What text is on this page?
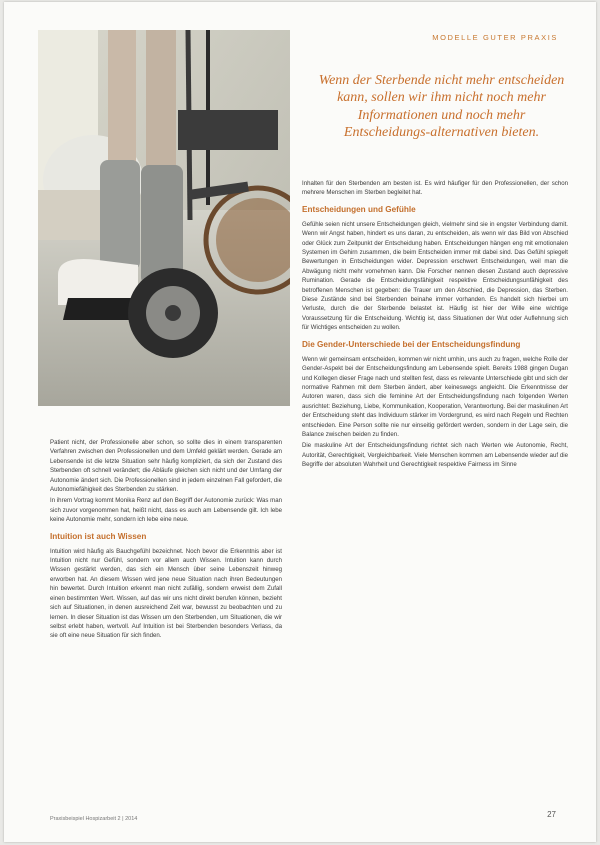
MODELLE GUTER PRAXIS
Wenn der Sterbende nicht mehr entscheiden kann, sollen wir ihm nicht noch mehr Informationen und noch mehr Entscheidungs-alternativen bieten.

Patient nicht, der Professionelle aber schon, so sollte dies in einem transparenten Verfahren zwischen den Professionellen und dem Umfeld geklärt werden. Gerade am Lebensende ist die letzte Situation sehr häufig kompliziert, da sich der Zustand des Sterbenden oft schnell verändert; die Abläufe gleichen sich nicht und der Umfang der Autonomie ändert sich. Die Professionellen sind in jedem einzelnen Fall gefordert, die Autonomiefähigkeit des Sterbenden zu stärken.

In ihrem Vortrag kommt Monika Renz auf den Begriff der Autonomie zurück: Was man sich zuvor vorgenommen hat, heißt nicht, dass es auch am Lebensende gilt. Ich lebe keine Autonomie mehr, sondern ich lebe eine neue.

Intuition ist auch Wissen

Intuition wird häufig als Bauchgefühl bezeichnet. Noch bevor die Erkenntnis aber ist Intuition nicht nur Gefühl, sondern vor allem auch Wissen. Intuition kann durch Wissen gestärkt werden, das sich ein Mensch über seine Lebenszeit hinweg erworben hat. An diesem Wissen wird jene neue Situation nach ihren Bedeutungen hin bewertet. Durch Intuition erkennt man nicht zufällig, sondern erweist dem Zufall einen bestimmten Wert. Wissen, auf das wir uns nicht direkt berufen können, bezieht sich auf Situationen, in denen ausreichend Zeit war, bewusst zu beobachten und zu lernen. In dieser Situation ist das Wissen um den Sterbenden, um Situationen, die wir selbst erlebt haben, wertvoll. Auf Intuition ist bei Sterbenden besonders Verlass, da sie oft eine neue Situation für sich finden.

Inhalten für den Sterbenden am besten ist. Es wird häufiger für den Professionellen, der schon mehrere Menschen im Sterben begleitet hat.

Entscheidungen und Gefühle

Gefühle seien nicht unsere Entscheidungen gleich, vielmehr sind sie in engster Verbindung damit. Wenn wir Angst haben, hindert es uns daran, zu entscheiden, als wenn wir das Bild von Abschied oder Glück zum Zeitpunkt der Entscheidung haben. Entscheidungen hängen eng mit emotionalen Systemen im Gehirn zusammen, die beim Entscheiden immer mit dabei sind. Das Gefühl spiegelt Bewertungen in Entscheidungen wider. Depression erschwert Entscheidungen, weil man die Abwägung nicht mehr vornehmen kann. Die Forscher nennen diesen Zustand auch depressive Rumination. Gerade die Entscheidungsfähigkeit respektive Entscheidungsunfähigkeit des betroffenen Menschen ist gegeben: die Trauer um den Abschied, die Depression, das Sterben. Diese Zustände sind bei Sterbenden beinahe immer vorhanden. Es handelt sich hierbei um Verluste, durch die der Sterbende belastet ist. Häufig ist hier der Wille eine wichtige Voraussetzung für die Entscheidung. Wichtig ist, dass Situationen der Wut oder Auflehnung sich für Wichtiges entscheiden zu wollen.

Die Gender-Unterschiede bei der Entscheidungsfindung

Wenn wir gemeinsam entscheiden, kommen wir nicht umhin, uns auch zu fragen, welche Rolle der Gender-Aspekt bei der Entscheidungsfindung am Lebensende spielt. Bereits 1988 gingen Dugan und Kollegen dieser Frage nach und stellten fest, dass es relevante Unterschiede gibt und sich der normative Rahmen mit dem Sterben ändert, aber keineswegs angleicht. Die Erkenntnisse der Autoren waren, dass sich die feminine Art der Entscheidungsfindung nach folgenden Werten ausrichtet: Beziehung, Liebe, Kommunikation, Kooperation, Verantwortung. Bei der maskulinen Art der Entscheidung steht das Individuum stärker im Vordergrund, es wird nach Regeln und Rechten entschieden. Eine Person sollte nie nur einseitig gefördert werden, sondern in der Lage sein, die Balance zwischen beiden zu finden.

Die maskuline Art der Entscheidungsfindung richtet sich nach Werten wie Autonomie, Recht, Autorität, Gerechtigkeit, Vergleichbarkeit. Viele Menschen kommen am Lebensende wieder auf die Begriffe der absoluten Wahrheit und Gerechtigkeit respektive Fairness im Sinne

Praxisbeispiel Hospizarbeit 2 | 2014	27
